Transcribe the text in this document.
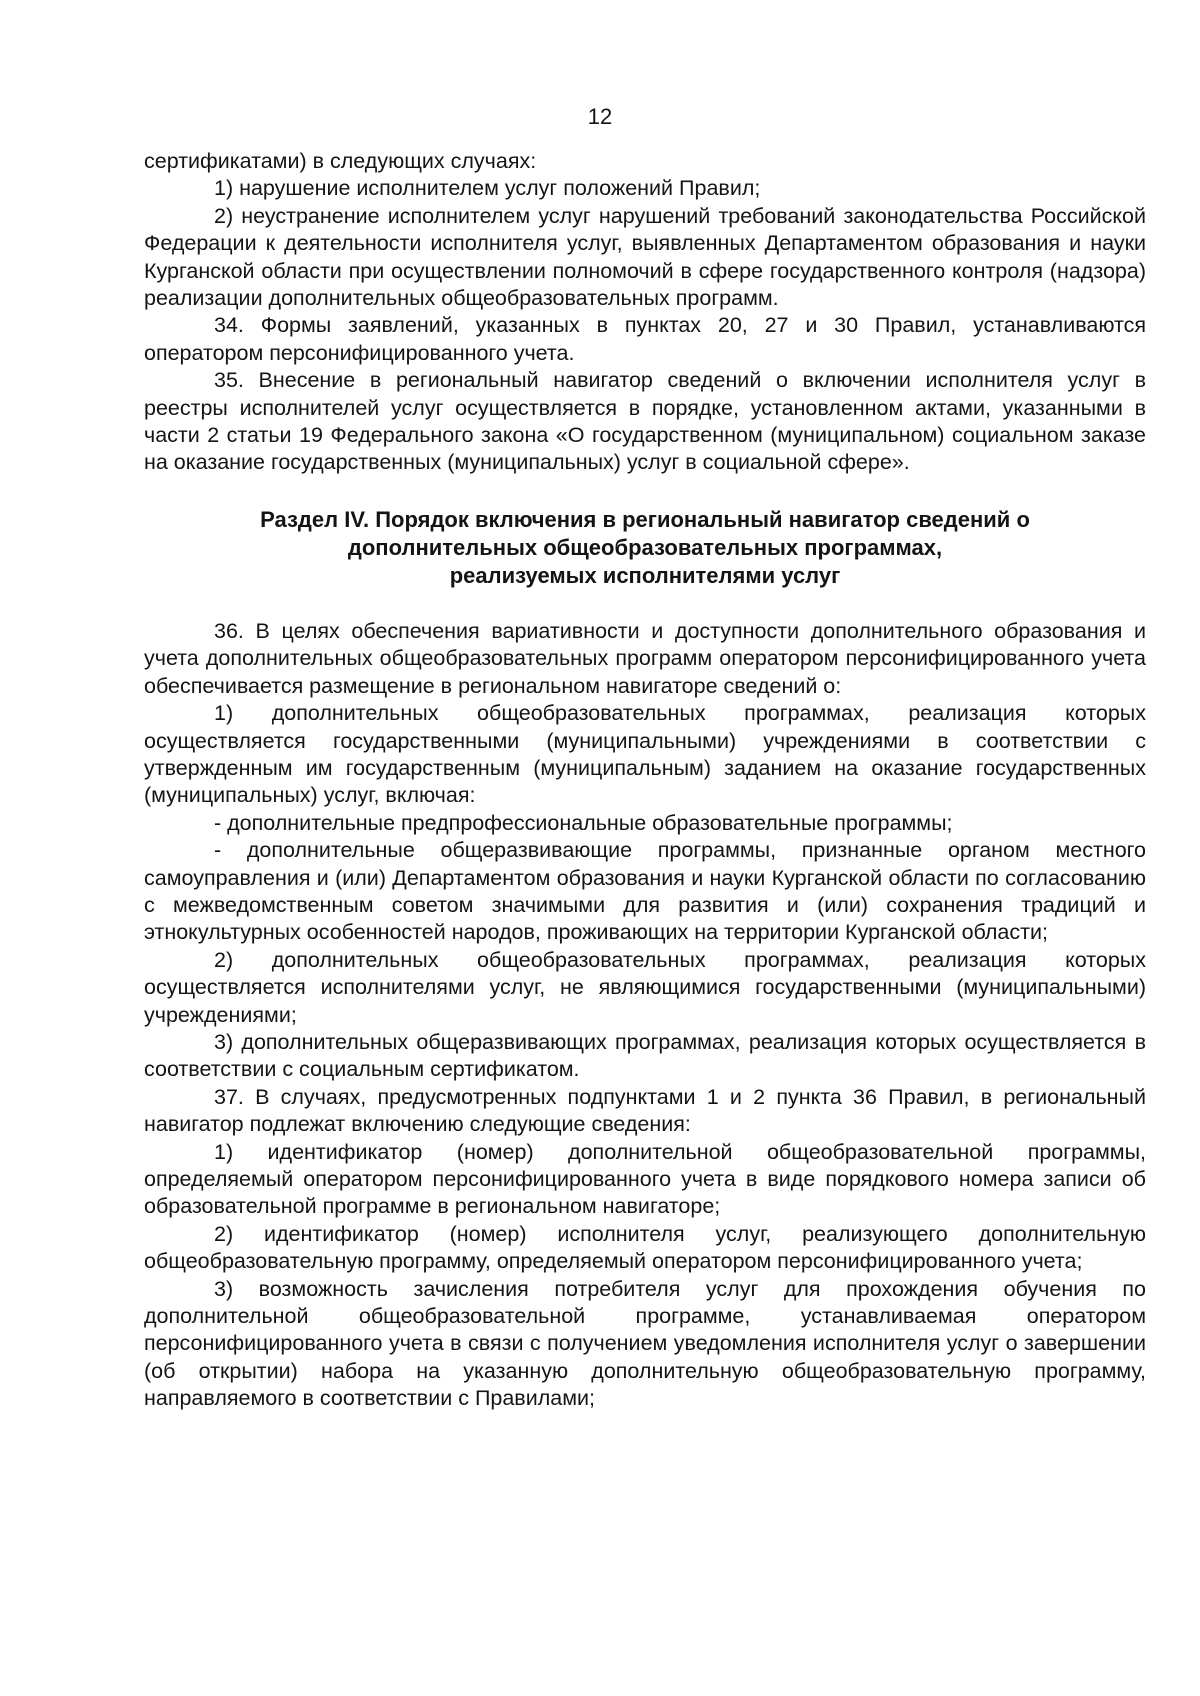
12

сертификатами) в следующих случаях:

1) нарушение исполнителем услуг положений Правил;

2) неустранение исполнителем услуг нарушений требований законодательства Российской Федерации к деятельности исполнителя услуг, выявленных Департаментом образования и науки Курганской области при осуществлении полномочий в сфере государственного контроля (надзора) реализации дополнительных общеобразовательных программ.

34. Формы заявлений, указанных в пунктах 20, 27 и 30 Правил, устанавливаются оператором персонифицированного учета.

35. Внесение в региональный навигатор сведений о включении исполнителя услуг в реестры исполнителей услуг осуществляется в порядке, установленном актами, указанными в части 2 статьи 19 Федерального закона «О государственном (муниципальном) социальном заказе на оказание государственных (муниципальных) услуг в социальной сфере».

Раздел IV. Порядок включения в региональный навигатор сведений о
дополнительных общеобразовательных программах,
реализуемых исполнителями услуг

36. В целях обеспечения вариативности и доступности дополнительного образования и учета дополнительных общеобразовательных программ оператором персонифицированного учета обеспечивается размещение в региональном навигаторе сведений о:

1) дополнительных общеобразовательных программах, реализация которых осуществляется государственными (муниципальными) учреждениями в соответствии с утвержденным им государственным (муниципальным) заданием на оказание государственных (муниципальных) услуг, включая:

- дополнительные предпрофессиональные образовательные программы;

- дополнительные общеразвивающие программы, признанные органом местного самоуправления и (или) Департаментом образования и науки Курганской области по согласованию с межведомственным советом значимыми для развития и (или) сохранения традиций и этнокультурных особенностей народов, проживающих на территории Курганской области;

2) дополнительных общеобразовательных программах, реализация которых осуществляется исполнителями услуг, не являющимися государственными (муниципальными) учреждениями;

3) дополнительных общеразвивающих программах, реализация которых осуществляется в соответствии с социальным сертификатом.

37. В случаях, предусмотренных подпунктами 1 и 2 пункта 36 Правил, в региональный навигатор подлежат включению следующие сведения:

1) идентификатор (номер) дополнительной общеобразовательной программы, определяемый оператором персонифицированного учета в виде порядкового номера записи об образовательной программе в региональном навигаторе;

2) идентификатор (номер) исполнителя услуг, реализующего дополнительную общеобразовательную программу, определяемый оператором персонифицированного учета;

3) возможность зачисления потребителя услуг для прохождения обучения по дополнительной общеобразовательной программе, устанавливаемая оператором персонифицированного учета в связи с получением уведомления исполнителя услуг о завершении (об открытии) набора на указанную дополнительную общеобразовательную программу, направляемого в соответствии с Правилами;
